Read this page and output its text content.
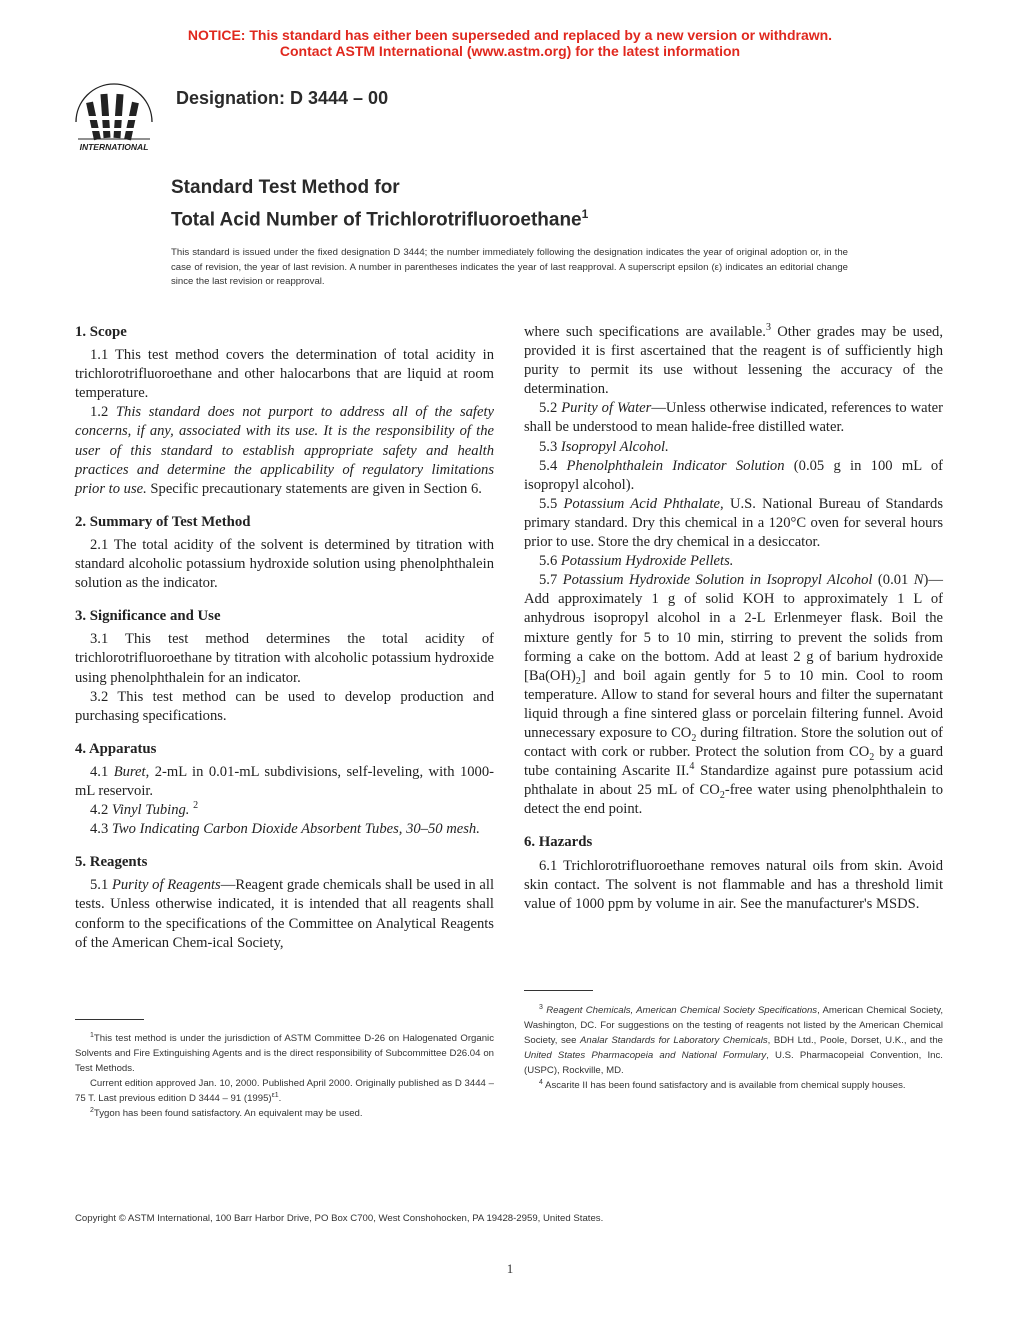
NOTICE: This standard has either been superseded and replaced by a new version or withdrawn.
Contact ASTM International (www.astm.org) for the latest information
INTERNATIONAL
Designation: D 3444 – 00
Standard Test Method for
Total Acid Number of Trichlorotrifluoroethane$^1$
This standard is issued under the fixed designation D 3444; the number immediately following the designation indicates the year of original adoption or, in the case of revision, the year of last revision. A number in parentheses indicates the year of last reapproval. A superscript epsilon (ε) indicates an editorial change since the last revision or reapproval.
1. Scope

1.1 This test method covers the determination of total acidity in trichlorotrifluoroethane and other halocarbons that are liquid at room temperature.

1.2 This standard does not purport to address all of the safety concerns, if any, associated with its use. It is the responsibility of the user of this standard to establish appropriate safety and health practices and determine the applicability of regulatory limitations prior to use. Specific precautionary statements are given in Section 6.

2. Summary of Test Method

2.1 The total acidity of the solvent is determined by titration with standard alcoholic potassium hydroxide solution using phenolphthalein solution as the indicator.

3. Significance and Use

3.1 This test method determines the total acidity of trichlorotrifluoroethane by titration with alcoholic potassium hydroxide using phenolphthalein for an indicator.

3.2 This test method can be used to develop production and purchasing specifications.

4. Apparatus

4.1 Buret, 2-mL in 0.01-mL subdivisions, self-leveling, with 1000-mL reservoir.

4.2 Vinyl Tubing. $^2$

4.3 Two Indicating Carbon Dioxide Absorbent Tubes, 30–50 mesh.

5. Reagents

5.1 Purity of Reagents—Reagent grade chemicals shall be used in all tests. Unless otherwise indicated, it is intended that all reagents shall conform to the specifications of the Committee on Analytical Reagents of the American Chem-ical Society,

where such specifications are available.$^3$ Other grades may be used, provided it is first ascertained that the reagent is of sufficiently high purity to permit its use without lessening the accuracy of the determination.

5.2 Purity of Water—Unless otherwise indicated, references to water shall be understood to mean halide-free distilled water.

5.3 Isopropyl Alcohol.

5.4 Phenolphthalein Indicator Solution (0.05 g in 100 mL of isopropyl alcohol).

5.5 Potassium Acid Phthalate, U.S. National Bureau of Standards primary standard. Dry this chemical in a 120°C oven for several hours prior to use. Store the dry chemical in a desiccator.

5.6 Potassium Hydroxide Pellets.

5.7 Potassium Hydroxide Solution in Isopropyl Alcohol (0.01 N)—Add approximately 1 g of solid KOH to approximately 1 L of anhydrous isopropyl alcohol in a 2-L Erlenmeyer flask. Boil the mixture gently for 5 to 10 min, stirring to prevent the solids from forming a cake on the bottom. Add at least 2 g of barium hydroxide $[Ba(OH)_2]$ and boil again gently for 5 to 10 min. Cool to room temperature. Allow to stand for several hours and filter the supernatant liquid through a fine sintered glass or porcelain filtering funnel. Avoid unnecessary exposure to $CO_2$ during filtration. Store the solution out of contact with cork or rubber. Protect the solution from $CO_2$ by a guard tube containing Ascarite II.$^4$ Standardize against pure potassium acid phthalate in about 25 mL of $CO_2$-free water using phenolphthalein to detect the end point.

6. Hazards

6.1 Trichlorotrifluoroethane removes natural oils from skin. Avoid skin contact. The solvent is not flammable and has a threshold limit value of 1000 ppm by volume in air. See the manufacturer's MSDS.

$^1$This test method is under the jurisdiction of ASTM Committee D-26 on Halogenated Organic Solvents and Fire Extinguishing Agents and is the direct responsibility of Subcommittee D26.04 on Test Methods.

Current edition approved Jan. 10, 2000. Published April 2000. Originally published as D 3444 – 75 T. Last previous edition D 3444 – 91 $(1995)^{\varepsilon 1}$.

$^2$Tygon has been found satisfactory. An equivalent may be used.

$^3$ Reagent Chemicals, American Chemical Society Specifications, American Chemical Society, Washington, DC. For suggestions on the testing of reagents not listed by the American Chemical Society, see Analar Standards for Laboratory Chemicals, BDH Ltd., Poole, Dorset, U.K., and the United States Pharmacopeia and National Formulary, U.S. Pharmacopeial Convention, Inc. (USPC), Rockville, MD.

$^4$ Ascarite II has been found satisfactory and is available from chemical supply houses.

Copyright © ASTM International, 100 Barr Harbor Drive, PO Box C700, West Conshohocken, PA 19428-2959, United States.
1
